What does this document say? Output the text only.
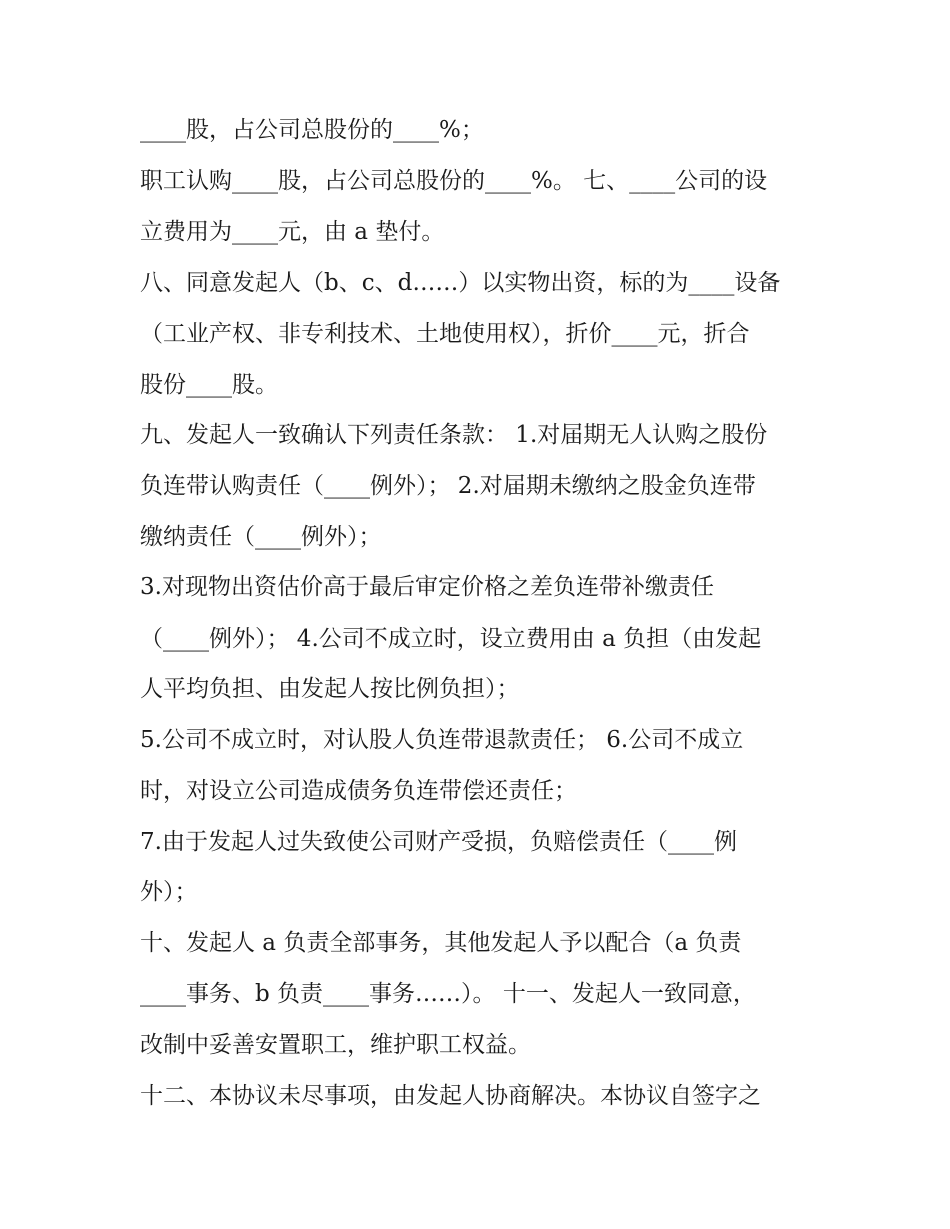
____股，占公司总股份的____%；
职工认购____股，占公司总股份的____%。 七、____公司的设
立费用为____元，由 a 垫付。
八、同意发起人（b、c、d……）以实物出资，标的为____设备
（工业产权、非专利技术、土地使用权），折价____元，折合
股份____股。
九、发起人一致确认下列责任条款： 1.对届期无人认购之股份
负连带认购责任（____例外）； 2.对届期未缴纳之股金负连带
缴纳责任（____例外）；
3.对现物出资估价高于最后审定价格之差负连带补缴责任
（____例外）； 4.公司不成立时，设立费用由 a 负担（由发起
人平均负担、由发起人按比例负担）；
5.公司不成立时，对认股人负连带退款责任； 6.公司不成立
时，对设立公司造成债务负连带偿还责任；
7.由于发起人过失致使公司财产受损，负赔偿责任（____例
外）；
十、发起人 a 负责全部事务，其他发起人予以配合（a 负责
____事务、b 负责____事务……）。 十一、发起人一致同意，
改制中妥善安置职工，维护职工权益。
十二、本协议未尽事项，由发起人协商解决。本协议自签字之
